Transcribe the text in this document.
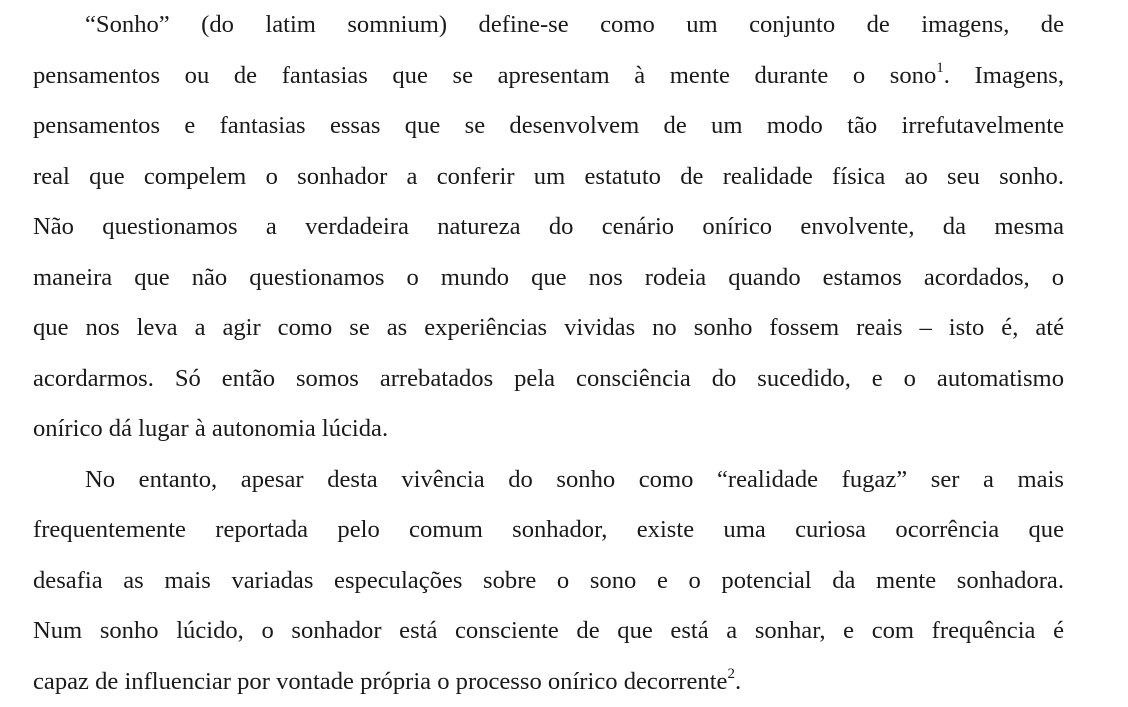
“Sonho” (do latim somnium) define-se como um conjunto de imagens, de
pensamentos ou de fantasias que se apresentam à mente durante o sono$^1$. Imagens,
pensamentos e fantasias essas que se desenvolvem de um modo tão irrefutavelmente
real que compelem o sonhador a conferir um estatuto de realidade física ao seu sonho.
Não questionamos a verdadeira natureza do cenário onírico envolvente, da mesma
maneira que não questionamos o mundo que nos rodeia quando estamos acordados, o
que nos leva a agir como se as experiências vividas no sonho fossem reais – isto é, até
acordarmos. Só então somos arrebatados pela consciência do sucedido, e o automatismo
onírico dá lugar à autonomia lúcida.
No entanto, apesar desta vivência do sonho como “realidade fugaz” ser a mais
frequentemente reportada pelo comum sonhador, existe uma curiosa ocorrência que
desafia as mais variadas especulações sobre o sono e o potencial da mente sonhadora.
Num sonho lúcido, o sonhador está consciente de que está a sonhar, e com frequência é
capaz de influenciar por vontade própria o processo onírico decorrente$^2$.
